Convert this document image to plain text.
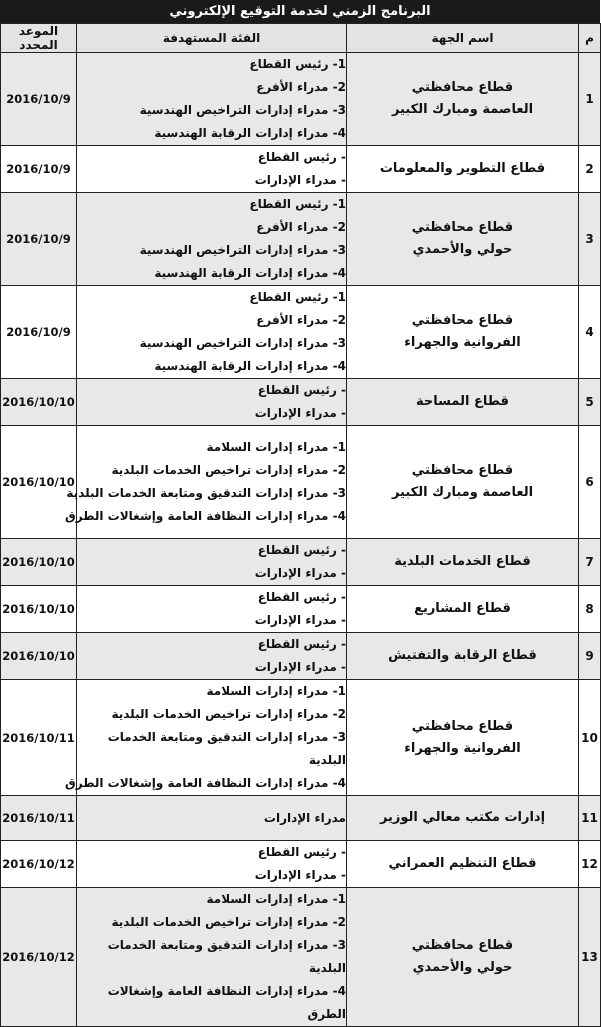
البرنامج الزمني لخدمة التوقيع الإلكتروني
م	اسم الجهة	الفئة المستهدفة	الموعد المحدد
1	قطاع محافظتي
العاصمة ومبارك الكبير	1- رئيس القطاع
2- مدراء الأفرع
3- مدراء إدارات التراخيص الهندسية
4- مدراء إدارات الرقابة الهندسية	2016/10/9
2	قطاع التطوير والمعلومات	- رئيس القطاع
- مدراء الإدارات	2016/10/9
3	قطاع محافظتي
حولي والأحمدي	1- رئيس القطاع
2- مدراء الأفرع
3- مدراء إدارات التراخيص الهندسية
4- مدراء إدارات الرقابة الهندسية	2016/10/9
4	قطاع محافظتي
الفروانية والجهراء	1- رئيس القطاع
2- مدراء الأفرع
3- مدراء إدارات التراخيص الهندسية
4- مدراء إدارات الرقابة الهندسية	2016/10/9
5	قطاع المساحة	- رئيس القطاع
- مدراء الإدارات	2016/10/10
6	قطاع محافظتي
العاصمة ومبارك الكبير	1- مدراء إدارات السلامة
2- مدراء إدارات تراخيص الخدمات البلدية
3- مدراء إدارات التدقيق ومتابعة الخدمات البلدية
4- مدراء إدارات النظافة العامة وإشغالات الطرق	2016/10/10
7	قطاع الخدمات البلدية	- رئيس القطاع
- مدراء الإدارات	2016/10/10
8	قطاع المشاريع	- رئيس القطاع
- مدراء الإدارات	2016/10/10
9	قطاع الرقابة والتفتيش	- رئيس القطاع
- مدراء الإدارات	2016/10/10
10	قطاع محافظتي
الفروانية والجهراء	1- مدراء إدارات السلامة
2- مدراء إدارات تراخيص الخدمات البلدية
3- مدراء إدارات التدقيق ومتابعة الخدمات البلدية
4- مدراء إدارات النظافة العامة وإشغالات الطرق	2016/10/11
11	إدارات مكتب معالي الوزير	مدراء الإدارات	2016/10/11
12	قطاع التنظيم العمراني	- رئيس القطاع
- مدراء الإدارات	2016/10/12
13	قطاع محافظتي
حولي والأحمدي	1- مدراء إدارات السلامة
2- مدراء إدارات تراخيص الخدمات البلدية
3- مدراء إدارات التدقيق ومتابعة الخدمات البلدية
4- مدراء إدارات النظافة العامة وإشغالات الطرق	2016/10/12
